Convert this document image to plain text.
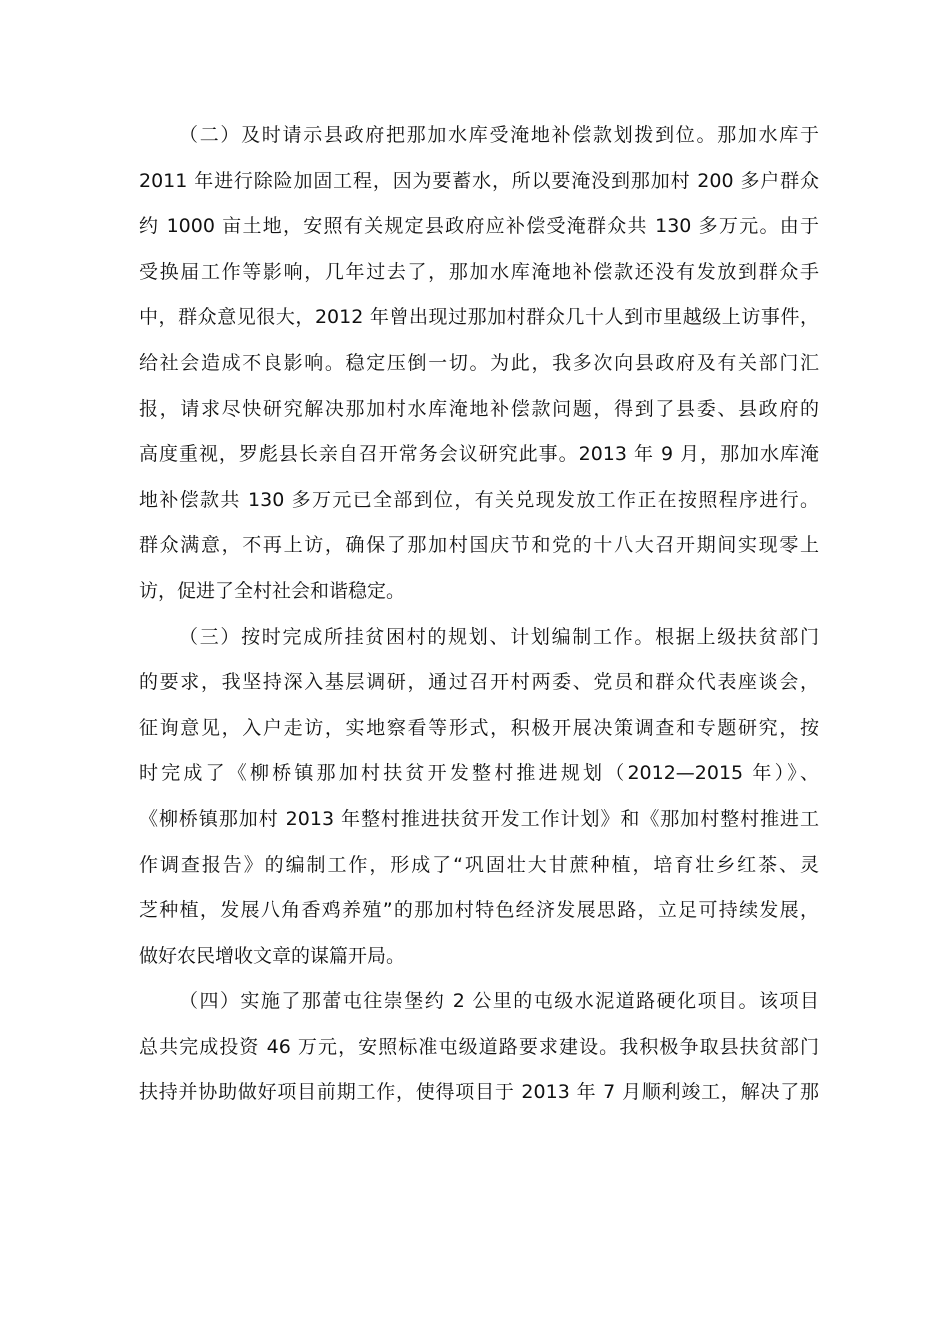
（二）及时请示县政府把那加水库受淹地补偿款划拨到位。那加水库于
2011 年进行除险加固工程，因为要蓄水，所以要淹没到那加村 200 多户群众
约 1000 亩土地，安照有关规定县政府应补偿受淹群众共 130 多万元。由于
受换届工作等影响，几年过去了，那加水库淹地补偿款还没有发放到群众手
中，群众意见很大，2012 年曾出现过那加村群众几十人到市里越级上访事件，
给社会造成不良影响。稳定压倒一切。为此，我多次向县政府及有关部门汇
报，请求尽快研究解决那加村水库淹地补偿款问题，得到了县委、县政府的
高度重视，罗彪县长亲自召开常务会议研究此事。2013 年 9 月，那加水库淹
地补偿款共 130 多万元已全部到位，有关兑现发放工作正在按照程序进行。
群众满意，不再上访，确保了那加村国庆节和党的十八大召开期间实现零上
访，促进了全村社会和谐稳定。
（三）按时完成所挂贫困村的规划、计划编制工作。根据上级扶贫部门
的要求，我坚持深入基层调研，通过召开村两委、党员和群众代表座谈会，
征询意见，入户走访，实地察看等形式，积极开展决策调查和专题研究，按
时完成了《柳桥镇那加村扶贫开发整村推进规划（2012—2015 年）》、
《柳桥镇那加村 2013 年整村推进扶贫开发工作计划》和《那加村整村推进工
作调查报告》的编制工作，形成了“巩固壮大甘蔗种植，培育壮乡红茶、灵
芝种植，发展八角香鸡养殖”的那加村特色经济发展思路，立足可持续发展，
做好农民增收文章的谋篇开局。
（四）实施了那蕾屯往崇堡约 2 公里的屯级水泥道路硬化项目。该项目
总共完成投资 46 万元，安照标准屯级道路要求建设。我积极争取县扶贫部门
扶持并协助做好项目前期工作，使得项目于 2013 年 7 月顺利竣工，解决了那
